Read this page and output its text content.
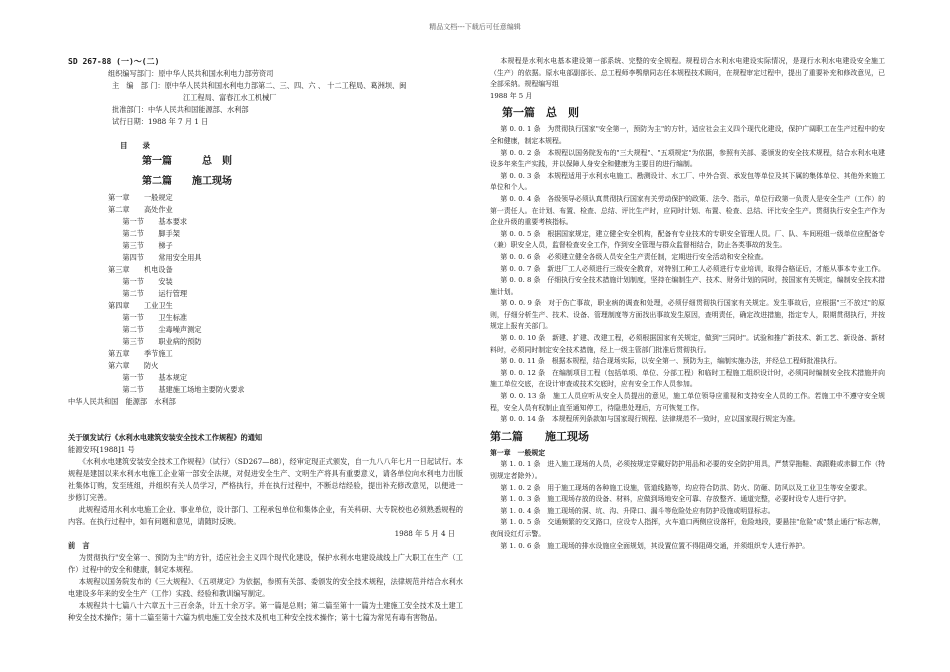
精品文档---下载后可任意编辑
SD 267-88 (一)～(二)
组织编写部门：原中华人民共和国水利电力部劳资司
主　编　部 门：原中华人民共和国水利电力部第二、三、四、六 、 十二工程局、葛洲坝、闽
江工程局、富春江水工机械厂
批准部门：中华人民共和国能源部、水利部
试行日期：1988 年 7 月 1 日
目　　录
第一篇　　　总　则
第二篇　　施工现场
第一章　　一般规定
第二章　　高处作业
　　第一节　　基本要求
　　第二节　　脚手架
　　第三节　　梯子
　　第四节　　常用安全用具
第三章　　机电设备
　　第一节　　安装
　　第二节　　运行管理
第四章　　工业卫生
　　第一节　　卫生标准
　　第二节　　尘毒噪声测定
　　第三节　　职业病的预防
第五章　　季节施工
第六章　　防火
　　第一节　　基本规定
　　第二节　　基建施工场地主要防火要求
中华人民共和国　能源部　水利部
关于颁发试行《水利水电建筑安装安全技术工作规程》的通知
能源安环[1988]1 号
《水利水电建筑安装安全技术工作规程》（试行）（SD267—88），经审定现正式颁发，自一九八八年七月一日起试行。本规程是建国以来水利水电施工企业第一部安全法规，对促进安全生产、文明生产将具有重要意义，请各单位向水利电力出版社集体订购，发至班组，并组织有关人员学习，严格执行，并在执行过程中，不断总结经验，提出补充修改意见，以便进一步修订完善。
此规程适用水利水电施工企业、事业单位，设计部门、工程承包单位和集体企业，有关科研、大专院校也必须熟悉规程的内容。在执行过程中，如有问题和意见，请随时反映。
1988 年 5 月 4 日
前　言
为贯彻执行"安全第一、预防为主"的方针，适应社会主义四个现代化建设，保护水利水电建设战线上广大职工在生产（工作）过程中的安全和健康，制定本规程。
本规程以国务院发布的《三大规程》、《五项规定》为依据，参照有关部、委颁发的安全技术规程，法律规范并结合水利水电建设多年来的安全生产（工作）实践、经验和教训编写制定。
本规程共十七篇八十六章五十三百余条，计五十余万字。第一篇是总则；第二篇至第十一篇为土建施工安全技术及土建工种安全技术操作；第十二篇至第十六篇为机电施工安全技术及机电工种安全技术操作；第十七篇为常见有毒有害物品。
本规程是水利水电基本建设第一部系统、完整的安全规程。规程切合水利水电建设实际情况，是现行水利水电建设安全施工（生产）的依据。原水电部副部长、总工程师李鹗鼎同志任本规程技术顾问，在规程审定过程中，提出了重要补充和修改意见，已全部采纳。规程编写组
1988 年 5 月
第一篇　总　则
第 0. 0. 1 条　为贯彻执行国家"安全第一，预防为主"的方针，适应社会主义四个现代化建设，保护广阔职工在生产过程中的安全和健康，制定本规程。
第 0. 0. 2 条　本规程以国务院发布的"三大规程"、"五项规定"为依据，参照有关部、委颁发的安全技术规程，结合水利水电建设多年来生产实践，并以保障人身安全和健康为主要目的进行编制。
第 0. 0. 3 条　本规程适用于水利水电施工、勘测设计、水工厂、中外合资、承发包等单位及其下属的集体单位、其他外来施工单位和个人。
第 0. 0. 4 条　各级领导必须认真贯彻执行国家有关劳动保护的政策、法令、指示，单位行政第一负责人是安全生产（工作）的第一责任人。在计划、布置、检查、总结、评比生产时，应同时计划、布置、检查、总结、评比安全生产。贯彻执行安全生产作为企业升级的重要考核指标。
第 0. 0. 5 条　根据国家规定，建立健全安全机构，配备有专业技术的专职安全管理人员。厂、队、车间班组一级单位应配备专（兼）职安全人员，监督检查安全工作，作到安全管理与群众监督相结合，防止各类事故的发生。
第 0. 0. 6 条　必须建立健全各级人员安全生产责任制，定期进行安全活动和安全检查。
第 0. 0. 7 条　新进厂工人必须进行三级安全教育，对特别工种工人必须进行专业培训，取得合格证后，才能从事本专业工作。
第 0. 0. 8 条　仔细执行安全技术措施计划制度，坚持在编制生产、技术、财务计划的同时，按国家有关规定，编制安全技术措施计划。
第 0. 0. 9 条　对于伤亡事故，职业病的调查和处理，必须仔细贯彻执行国家有关规定。发生事故后，应根据"三不放过"的原则，仔细分析生产、技术、设备、管理制度等方面找出事故发生原因，查明责任，确定改进措施，指定专人，限期贯彻执行，并按规定上报有关部门。
第 0. 0. 10 条　新建、扩建、改建工程，必须根据国家有关规定，做到"三同时"。试验和推广新技术、新工艺、新设备、新材料时，必须同时制定安全技术措施，经上一级主管部门批准后贯彻执行。
第 0. 0. 11 条　根据本规程，结合现场实际，以安全第一、预防为主，编制实施办法，并经总工程师批准执行。
第 0. 0. 12 条　在编制项目工程（包括单项、单位、分部工程）和临时工程施工组织设计时，必须同时编制安全技术措施并向施工单位交底，在设计审查或技术交底时，应有安全工作人员参加。
第 0. 0. 13 条　施工人员应听从安全人员提出的意见，施工单位领导应重视和支持安全人员的工作。若施工中不遵守安全规程，安全人员有权制止直至通知停工，待隐患处理后，方可恢复工作。
第 0. 0. 14 条　本规程所列条款如与国家现行规程、法律规范不一致时，应以国家现行规定为准。
第二篇　　施工现场
第一章　一般规定
第 1. 0. 1 条　进入施工现场的人员，必须按规定穿戴好防护用品和必要的安全防护用具，严禁穿拖鞋、高跟鞋或赤脚工作（特别规定者除外）。
第 1. 0. 2 条　用于施工现场的各种施工设施，管道线路等，均应符合防洪、防火、防砸、防风以及工业卫生等安全要求。
第 1. 0. 3 条　施工现场存放的设备、材料，应做到场地安全可靠、存放整齐、通道完整，必要时设专人进行守护。
第 1. 0. 4 条　施工现场的洞、坑、沟、升降口、漏斗等危险处应有防护设施或明显标志。
第 1. 0. 5 条　交通频繁的交叉路口，应设专人指挥，火车道口两侧应设落杆，危险地段，要悬挂"危险"或"禁止通行"标志牌，夜间设红灯示警。
第 1. 0. 6 条　施工现场的排水设施应全面规划，其设置位置不得阻碍交通，并须组织专人进行养护。
